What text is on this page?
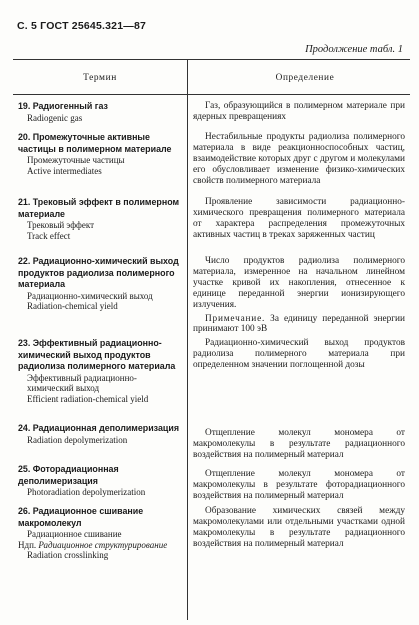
С. 5 ГОСТ 25645.321—87
Продолжение табл. 1
Термин	Определение
19. Радиогенный газ
Radiogenic gas
Газ, образующийся в полимерном материале при ядерных превращениях
20. Промежуточные активные частицы в полимерном материале
Промежуточные частицы
Active intermediates
Нестабильные продукты радиолиза полимерного материала в виде реакционноспособных частиц, взаимодействие которых друг с другом и молекулами его обусловливает изменение физико-химических свойств полимерного материала
21. Трековый эффект в полимерном материале
Трековый эффект
Track effect
Проявление зависимости радиационно-химического превращения полимерного материала от характера распределения промежуточных активных частиц в треках заряженных частиц
22. Радиационно-химический выход продуктов радиолиза полимерного материала
Радиационно-химический выход
Radiation-chemical yield
Число продуктов радиолиза полимерного материала, измеренное на начальном линейном участке кривой их накопления, отнесенное к единице переданной энергии ионизирующего излучения.
Примечание. За единицу переданной энергии принимают 100 эВ
23. Эффективный радиационно-химический выход продуктов радиолиза полимерного материала
Эффективный радиационно-химический выход
Efficient radiation-chemical yield
Радиационно-химический выход продуктов радиолиза полимерного материала при определенном значении поглощенной дозы
24. Радиационная деполимеризация
Radiation depolymerization
Отщепление молекул мономера от макромолекулы в результате радиационного воздействия на полимерный материал
25. Фоторадиационная деполимеризация
Photoradiation depolymerization
Отщепление молекул мономера от макромолекулы в результате фоторадиационного воздействия на полимерный материал
26. Радиационное сшивание макромолекул
Радиационное сшивание
Ндп. Радиационное структурирование
Radiation crosslinking
Образование химических связей между макромолекулами или отдельными участками одной макромолекулы в результате радиационного воздействия на полимерный материал
